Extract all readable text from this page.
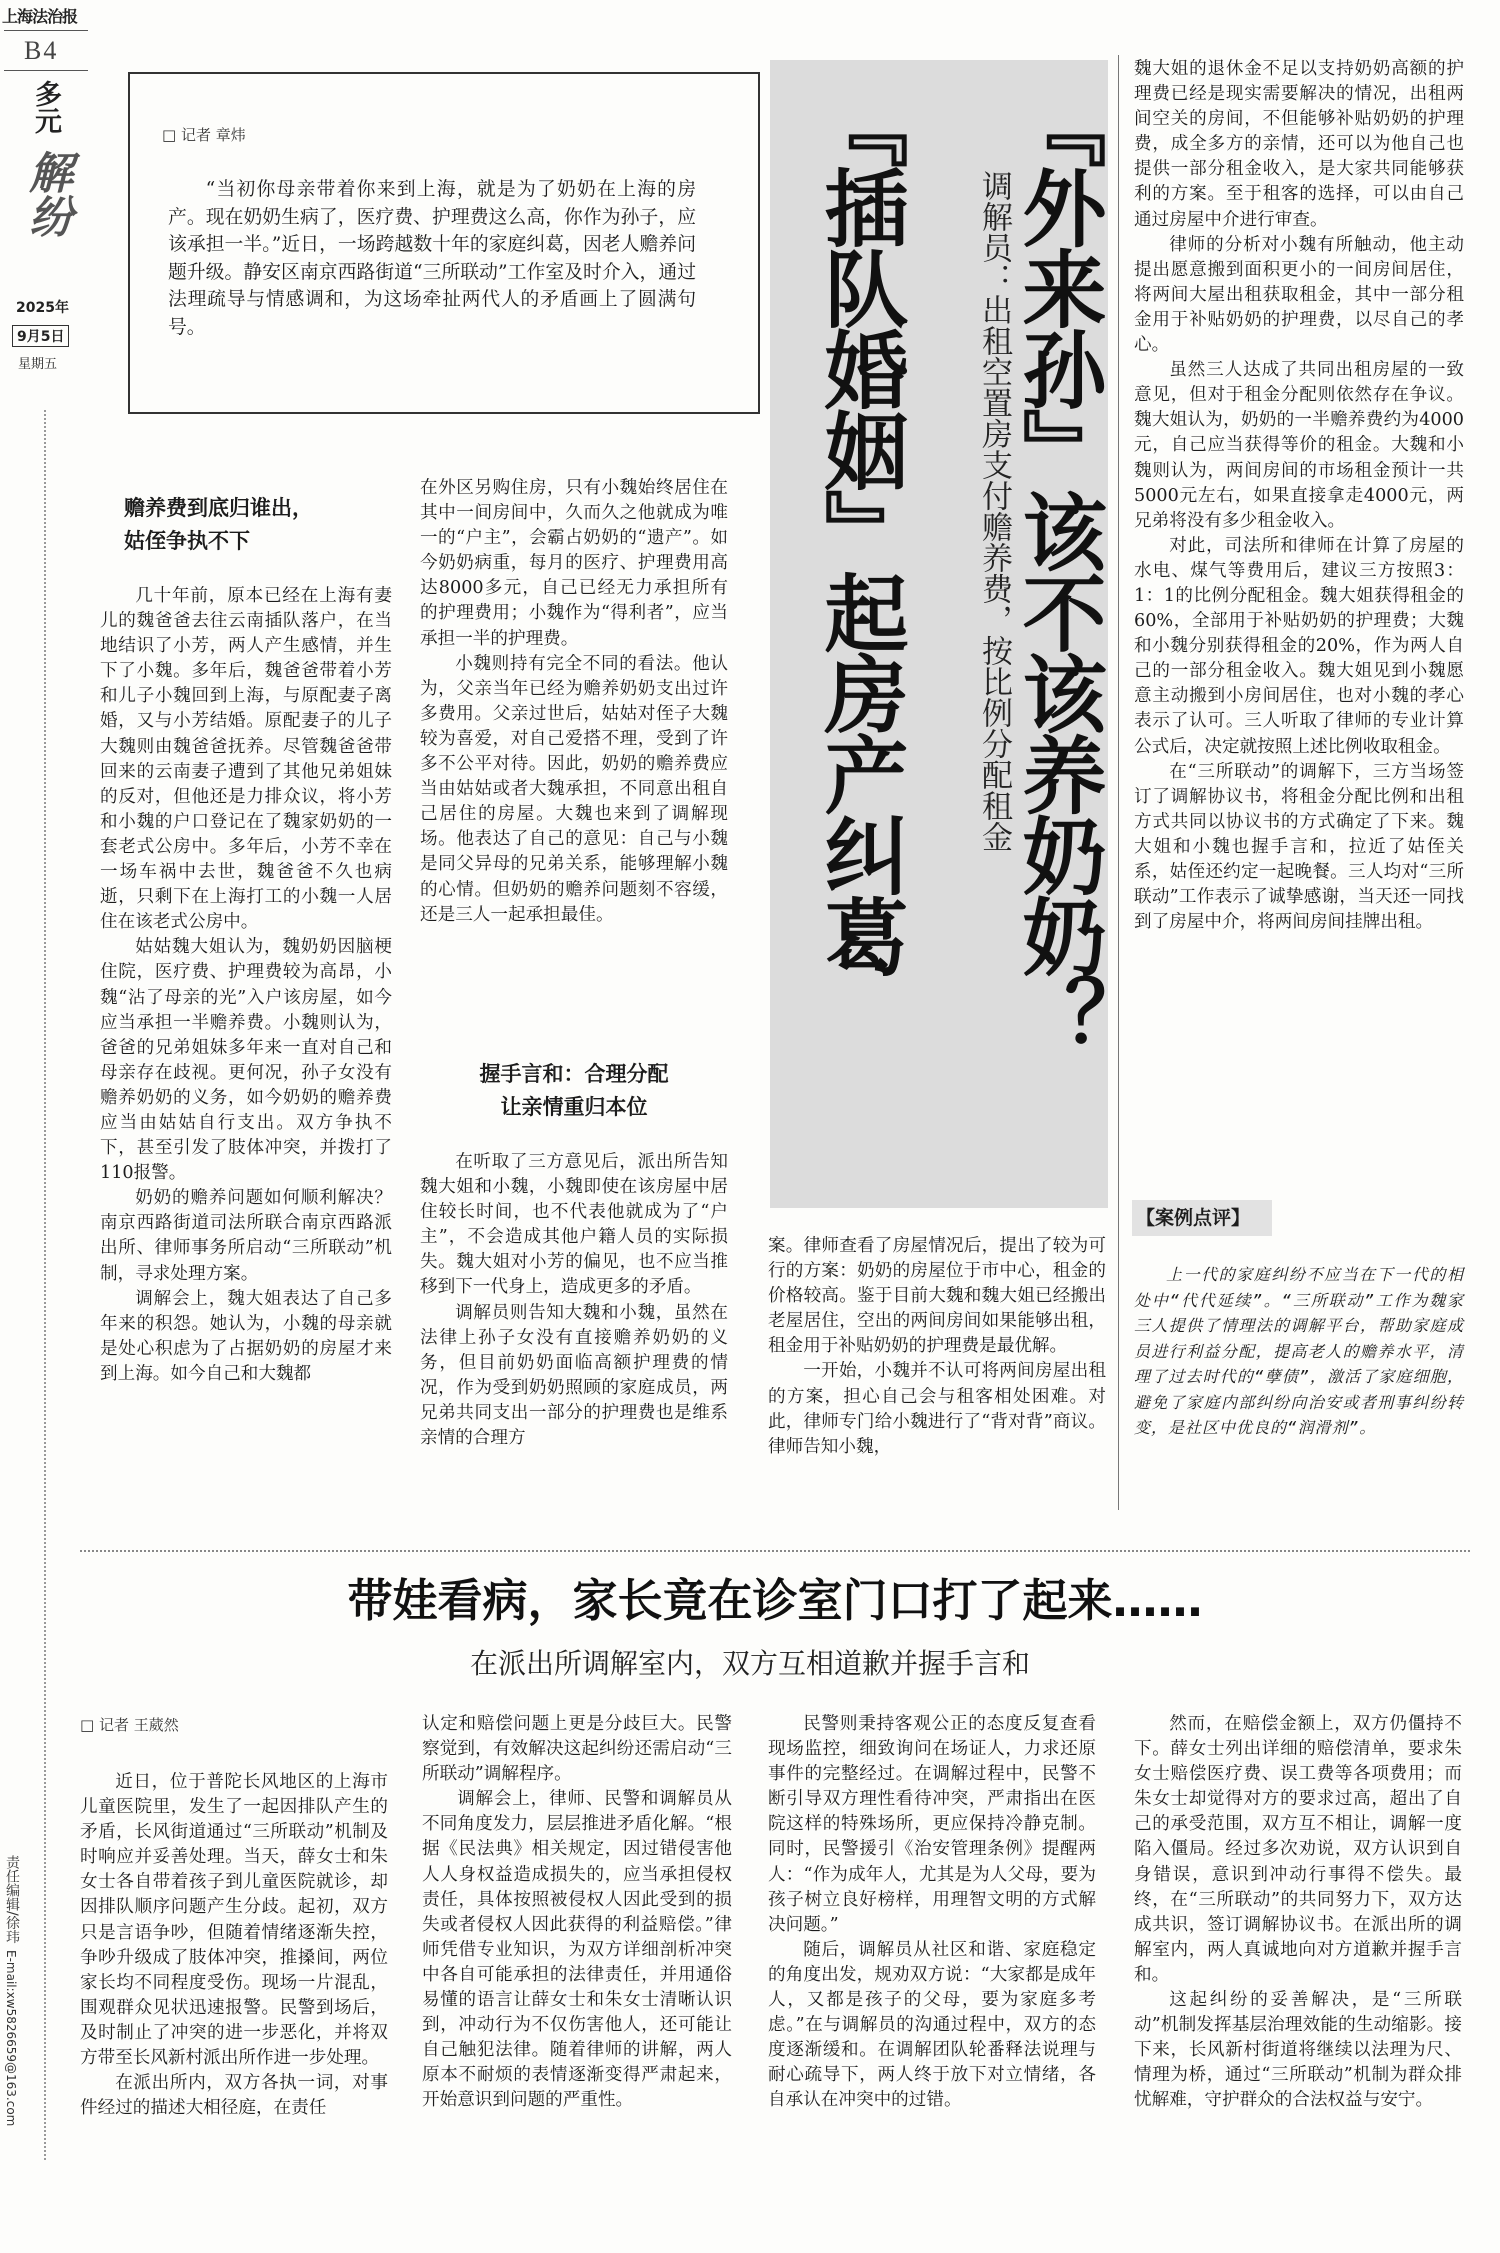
上海法治报
B4
多元
解纷
2025年
9月5日
星期五
责任编辑/徐玮
E-mail:xw5826659@163.com
□ 记者 章炜
“当初你母亲带着你来到上海，就是为了奶奶在上海的房产。现在奶奶生病了，医疗费、护理费这么高，你作为孙子，应该承担一半。”近日，一场跨越数十年的家庭纠葛，因老人赡养问题升级。静安区南京西路街道“三所联动”工作室及时介入，通过法理疏导与情感调和，为这场牵扯两代人的矛盾画上了圆满句号。	『外来孙』该不该养奶奶？
『插队婚姻』起房产纠葛 调解员：出租空置房支付赡养费，按比例分配租金
赡养费到底归谁出，
姑侄争执不下
几十年前，原本已经在上海有妻儿的魏爸爸去往云南插队落户，在当地结识了小芳，两人产生感情，并生下了小魏。多年后，魏爸爸带着小芳和儿子小魏回到上海，与原配妻子离婚，又与小芳结婚。原配妻子的儿子大魏则由魏爸爸抚养。尽管魏爸爸带回来的云南妻子遭到了其他兄弟姐妹的反对，但他还是力排众议，将小芳和小魏的户口登记在了魏家奶奶的一套老式公房中。多年后，小芳不幸在一场车祸中去世，魏爸爸不久也病逝，只剩下在上海打工的小魏一人居住在该老式公房中。
姑姑魏大姐认为，魏奶奶因脑梗住院，医疗费、护理费较为高昂，小魏“沾了母亲的光”入户该房屋，如今应当承担一半赡养费。小魏则认为，爸爸的兄弟姐妹多年来一直对自己和母亲存在歧视。更何况，孙子女没有赡养奶奶的义务，如今奶奶的赡养费应当由姑姑自行支出。双方争执不下，甚至引发了肢体冲突，并拨打了110报警。
奶奶的赡养问题如何顺利解决？南京西路街道司法所联合南京西路派出所、律师事务所启动“三所联动”机制，寻求处理方案。
调解会上，魏大姐表达了自己多年来的积怨。她认为，小魏的母亲就是处心积虑为了占据奶奶的房屋才来到上海。如今自己和大魏都
在外区另购住房，只有小魏始终居住在其中一间房间中，久而久之他就成为唯一的“户主”，会霸占奶奶的“遗产”。如今奶奶病重，每月的医疗、护理费用高达8000多元，自己已经无力承担所有的护理费用；小魏作为“得利者”，应当承担一半的护理费。
小魏则持有完全不同的看法。他认为，父亲当年已经为赡养奶奶支出过许多费用。父亲过世后，姑姑对侄子大魏较为喜爱，对自己爱搭不理，受到了许多不公平对待。因此，奶奶的赡养费应当由姑姑或者大魏承担，不同意出租自己居住的房屋。大魏也来到了调解现场。他表达了自己的意见：自己与小魏是同父异母的兄弟关系，能够理解小魏的心情。但奶奶的赡养问题刻不容缓，还是三人一起承担最佳。
握手言和：合理分配
让亲情重归本位
在听取了三方意见后，派出所告知魏大姐和小魏，小魏即使在该房屋中居住较长时间，也不代表他就成为了“户主”，不会造成其他户籍人员的实际损失。魏大姐对小芳的偏见，也不应当推移到下一代身上，造成更多的矛盾。
调解员则告知大魏和小魏，虽然在法律上孙子女没有直接赡养奶奶的义务，但目前奶奶面临高额护理费的情况，作为受到奶奶照顾的家庭成员，两兄弟共同支出一部分的护理费也是维系亲情的合理方
案。律师查看了房屋情况后，提出了较为可行的方案：奶奶的房屋位于市中心，租金的价格较高。鉴于目前大魏和魏大姐已经搬出老屋居住，空出的两间房间如果能够出租，租金用于补贴奶奶的护理费是最优解。
一开始，小魏并不认可将两间房屋出租的方案，担心自己会与租客相处困难。对此，律师专门给小魏进行了“背对背”商议。律师告知小魏，
魏大姐的退休金不足以支持奶奶高额的护理费已经是现实需要解决的情况，出租两间空关的房间，不但能够补贴奶奶的护理费，成全多方的亲情，还可以为他自己也提供一部分租金收入，是大家共同能够获利的方案。至于租客的选择，可以由自己通过房屋中介进行审查。
律师的分析对小魏有所触动，他主动提出愿意搬到面积更小的一间房间居住，将两间大屋出租获取租金，其中一部分租金用于补贴奶奶的护理费，以尽自己的孝心。
虽然三人达成了共同出租房屋的一致意见，但对于租金分配则依然存在争议。魏大姐认为，奶奶的一半赡养费约为4000元，自己应当获得等价的租金。大魏和小魏则认为，两间房间的市场租金预计一共5000元左右，如果直接拿走4000元，两兄弟将没有多少租金收入。
对此，司法所和律师在计算了房屋的水电、煤气等费用后，建议三方按照3：1：1的比例分配租金。魏大姐获得租金的60%，全部用于补贴奶奶的护理费；大魏和小魏分别获得租金的20%，作为两人自己的一部分租金收入。魏大姐见到小魏愿意主动搬到小房间居住，也对小魏的孝心表示了认可。三人听取了律师的专业计算公式后，决定就按照上述比例收取租金。
在“三所联动”的调解下，三方当场签订了调解协议书，将租金分配比例和出租方式共同以协议书的方式确定了下来。魏大姐和小魏也握手言和，拉近了姑侄关系，姑侄还约定一起晚餐。三人均对“三所联动”工作表示了诚挚感谢，当天还一同找到了房屋中介，将两间房间挂牌出租。
【案例点评】
上一代的家庭纠纷不应当在下一代的相处中“代代延续”。“三所联动”工作为魏家三人提供了情理法的调解平台，帮助家庭成员进行利益分配，提高老人的赡养水平，清理了过去时代的“孽债”，激活了家庭细胞，避免了家庭内部纠纷向治安或者刑事纠纷转变，是社区中优良的“润滑剂”。
带娃看病，家长竟在诊室门口打了起来……
在派出所调解室内，双方互相道歉并握手言和
□ 记者 王葳然
近日，位于普陀长风地区的上海市儿童医院里，发生了一起因排队产生的矛盾，长风街道通过“三所联动”机制及时响应并妥善处理。当天，薛女士和朱女士各自带着孩子到儿童医院就诊，却因排队顺序问题产生分歧。起初，双方只是言语争吵，但随着情绪逐渐失控，争吵升级成了肢体冲突，推搡间，两位家长均不同程度受伤。现场一片混乱，围观群众见状迅速报警。民警到场后，及时制止了冲突的进一步恶化，并将双方带至长风新村派出所作进一步处理。
在派出所内，双方各执一词，对事件经过的描述大相径庭，在责任
认定和赔偿问题上更是分歧巨大。民警察觉到，有效解决这起纠纷还需启动“三所联动”调解程序。
调解会上，律师、民警和调解员从不同角度发力，层层推进矛盾化解。“根据《民法典》相关规定，因过错侵害他人人身权益造成损失的，应当承担侵权责任，具体按照被侵权人因此受到的损失或者侵权人因此获得的利益赔偿。”律师凭借专业知识，为双方详细剖析冲突中各自可能承担的法律责任，并用通俗易懂的语言让薛女士和朱女士清晰认识到，冲动行为不仅伤害他人，还可能让自己触犯法律。随着律师的讲解，两人原本不耐烦的表情逐渐变得严肃起来，开始意识到问题的严重性。
民警则秉持客观公正的态度反复查看现场监控，细致询问在场证人，力求还原事件的完整经过。在调解过程中，民警不断引导双方理性看待冲突，严肃指出在医院这样的特殊场所，更应保持冷静克制。同时，民警援引《治安管理条例》提醒两人：“作为成年人，尤其是为人父母，要为孩子树立良好榜样，用理智文明的方式解决问题。”
随后，调解员从社区和谐、家庭稳定的角度出发，规劝双方说：“大家都是成年人，又都是孩子的父母，要为家庭多考虑。”在与调解员的沟通过程中，双方的态度逐渐缓和。在调解团队轮番释法说理与耐心疏导下，两人终于放下对立情绪，各自承认在冲突中的过错。
然而，在赔偿金额上，双方仍僵持不下。薛女士列出详细的赔偿清单，要求朱女士赔偿医疗费、误工费等各项费用；而朱女士却觉得对方的要求过高，超出了自己的承受范围，双方互不相让，调解一度陷入僵局。经过多次劝说，双方认识到自身错误，意识到冲动行事得不偿失。最终，在“三所联动”的共同努力下，双方达成共识，签订调解协议书。在派出所的调解室内，两人真诚地向对方道歉并握手言和。
这起纠纷的妥善解决，是“三所联动”机制发挥基层治理效能的生动缩影。接下来，长风新村街道将继续以法理为尺、情理为桥，通过“三所联动”机制为群众排忧解难，守护群众的合法权益与安宁。
